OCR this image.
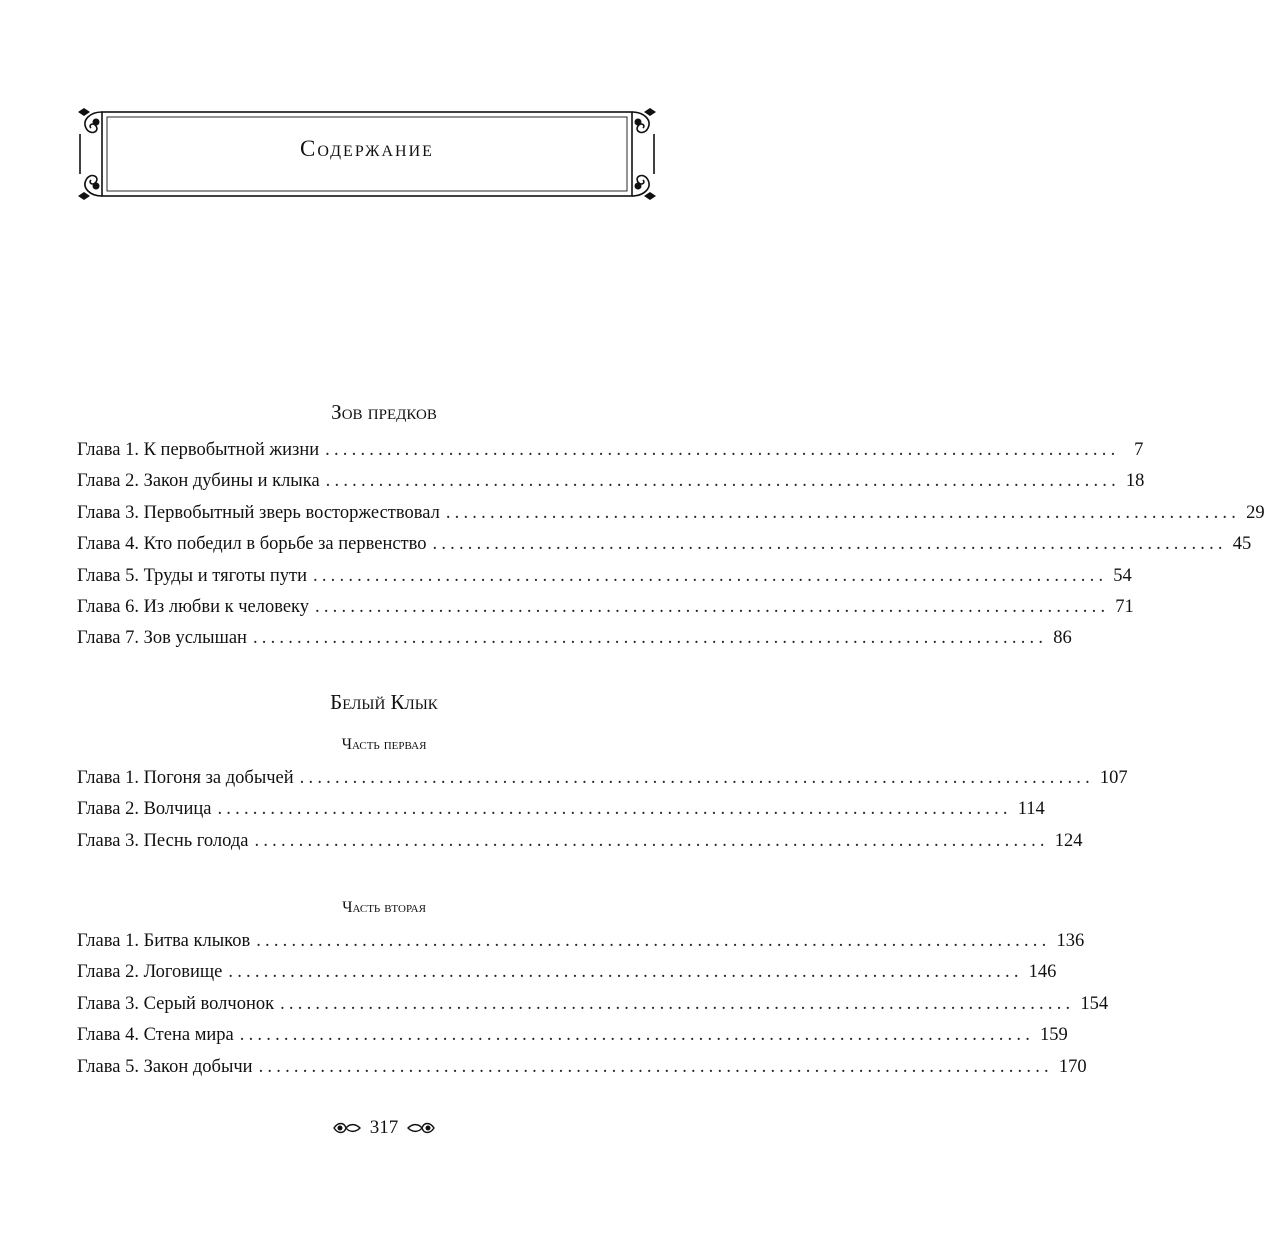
Содержание
Зов предков
Глава 1. К первобытной жизни .......................................................................................... 7
Глава 2. Закон дубины и клыка .......................................................................................... 18
Глава 3. Первобытный зверь восторжествовал .......................................................................................... 29
Глава 4. Кто победил в борьбе за первенство .......................................................................................... 45
Глава 5. Труды и тяготы пути .......................................................................................... 54
Глава 6. Из любви к человеку .......................................................................................... 71
Глава 7. Зов услышан .......................................................................................... 86
Белый Клык
Часть первая
Глава 1. Погоня за добычей .......................................................................................... 107
Глава 2. Волчица .......................................................................................... 114
Глава 3. Песнь голода .......................................................................................... 124
Часть вторая
Глава 1. Битва клыков .......................................................................................... 136
Глава 2. Логовище .......................................................................................... 146
Глава 3. Серый волчонок .......................................................................................... 154
Глава 4. Стена мира .......................................................................................... 159
Глава 5. Закон добычи .......................................................................................... 170
317
